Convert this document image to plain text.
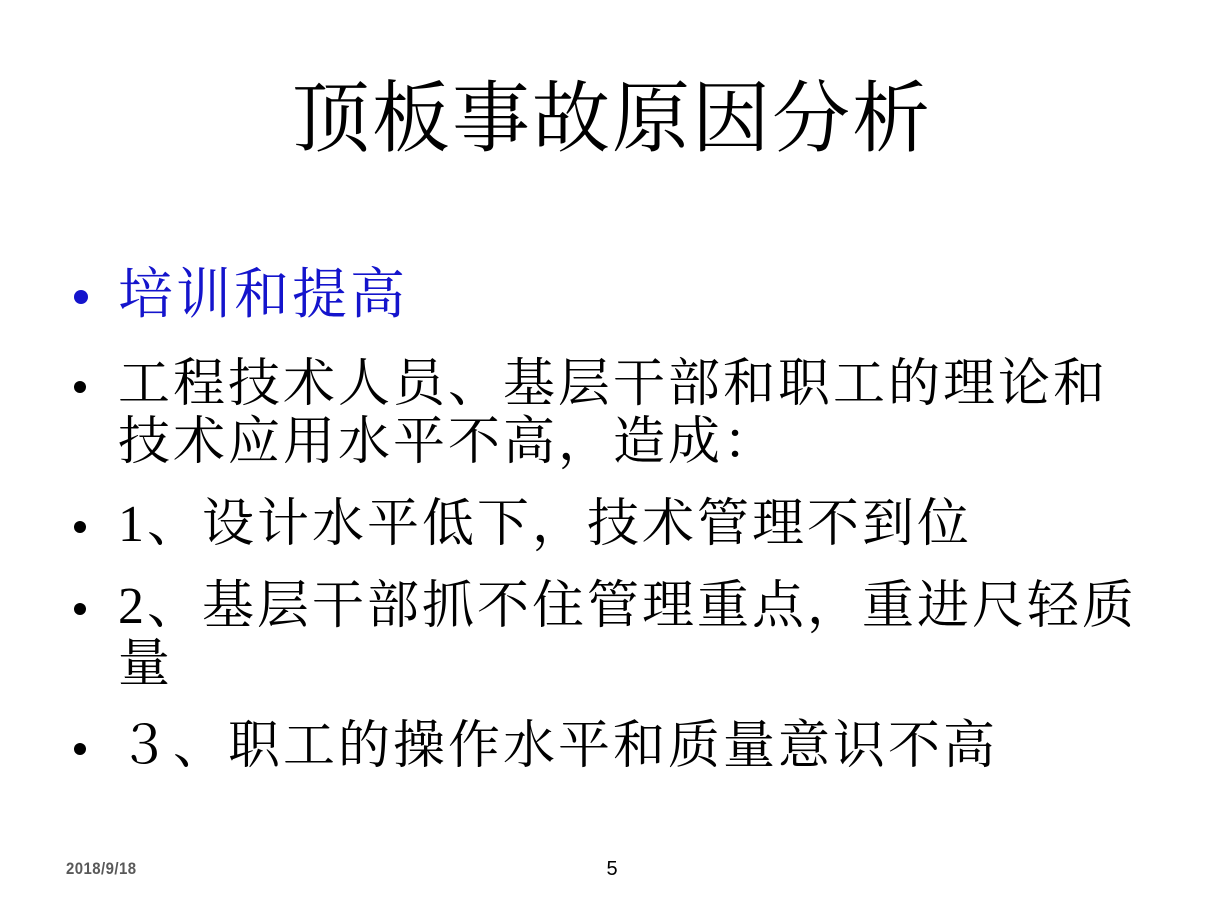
顶板事故原因分析
培训和提高
工程技术人员、基层干部和职工的理论和技术应用水平不高，造成：
1、设计水平低下，技术管理不到位
2、基层干部抓不住管理重点，重进尺轻质量
３、职工的操作水平和质量意识不高
2018/9/18	5
